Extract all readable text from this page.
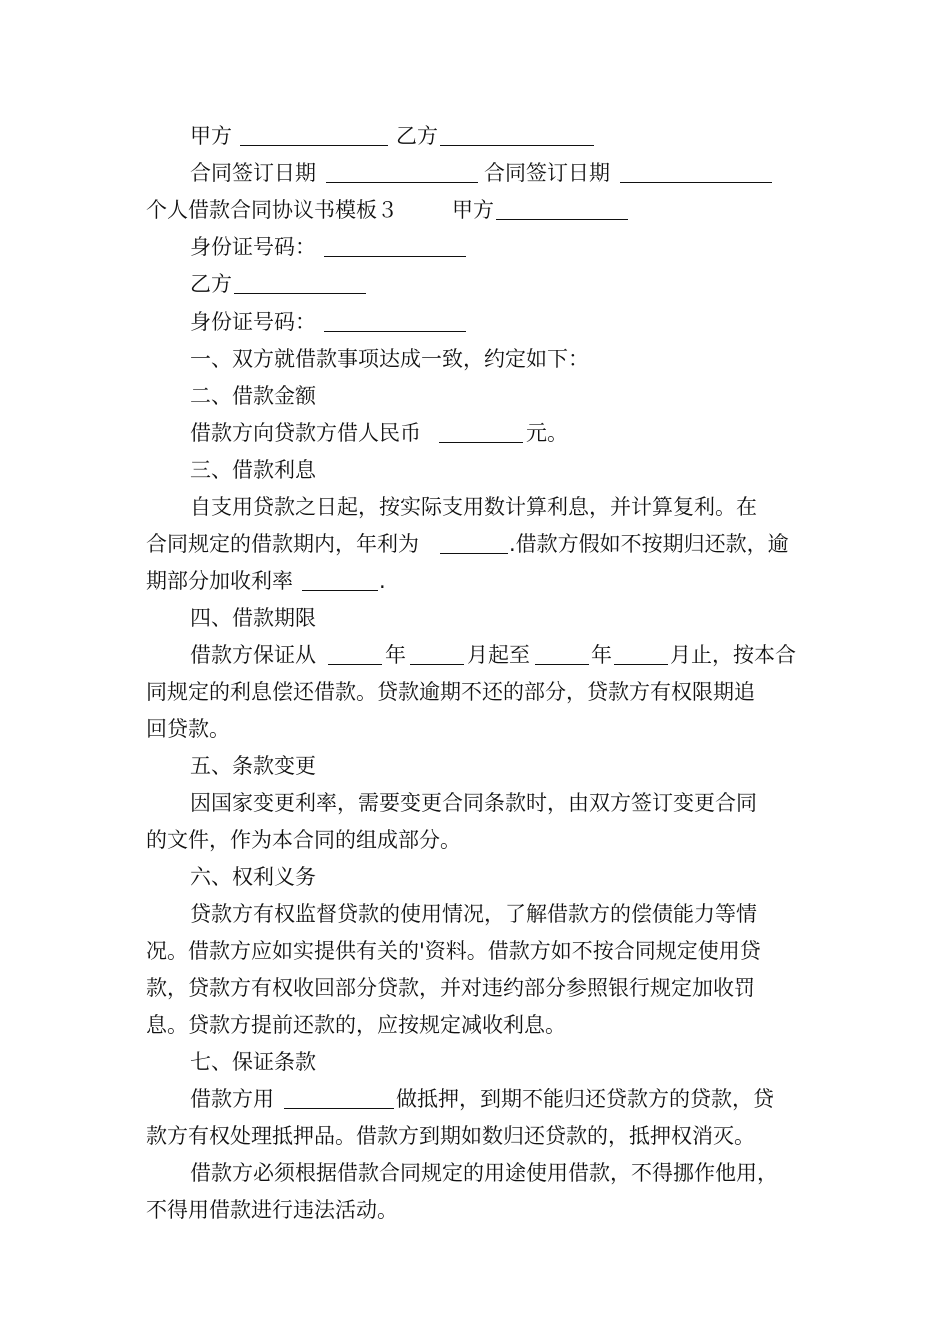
甲方	乙方
合同签订日期	合同签订日期
个人借款合同协议书模板３	甲方
身份证号码：
乙方
身份证号码：
一、双方就借款事项达成一致，约定如下：
二、借款金额
借款方向贷款方借人民币	元。
三、借款利息
自支用贷款之日起，按实际支用数计算利息，并计算复利。在
合同规定的借款期内，年利为	.借款方假如不按期归还款，逾
期部分加收利率	.
四、借款期限
借款方保证从	年	月起至	年	月止，按本合
同规定的利息偿还借款。贷款逾期不还的部分，贷款方有权限期追
回贷款。
五、条款变更
因国家变更利率，需要变更合同条款时，由双方签订变更合同
的文件，作为本合同的组成部分。
六、权利义务
贷款方有权监督贷款的使用情况，了解借款方的偿债能力等情
况。借款方应如实提供有关的'资料。借款方如不按合同规定使用贷
款，贷款方有权收回部分贷款，并对违约部分参照银行规定加收罚
息。贷款方提前还款的，应按规定减收利息。
七、保证条款
借款方用	做抵押，到期不能归还贷款方的贷款，贷
款方有权处理抵押品。借款方到期如数归还贷款的，抵押权消灭。
借款方必须根据借款合同规定的用途使用借款，不得挪作他用，
不得用借款进行违法活动。
